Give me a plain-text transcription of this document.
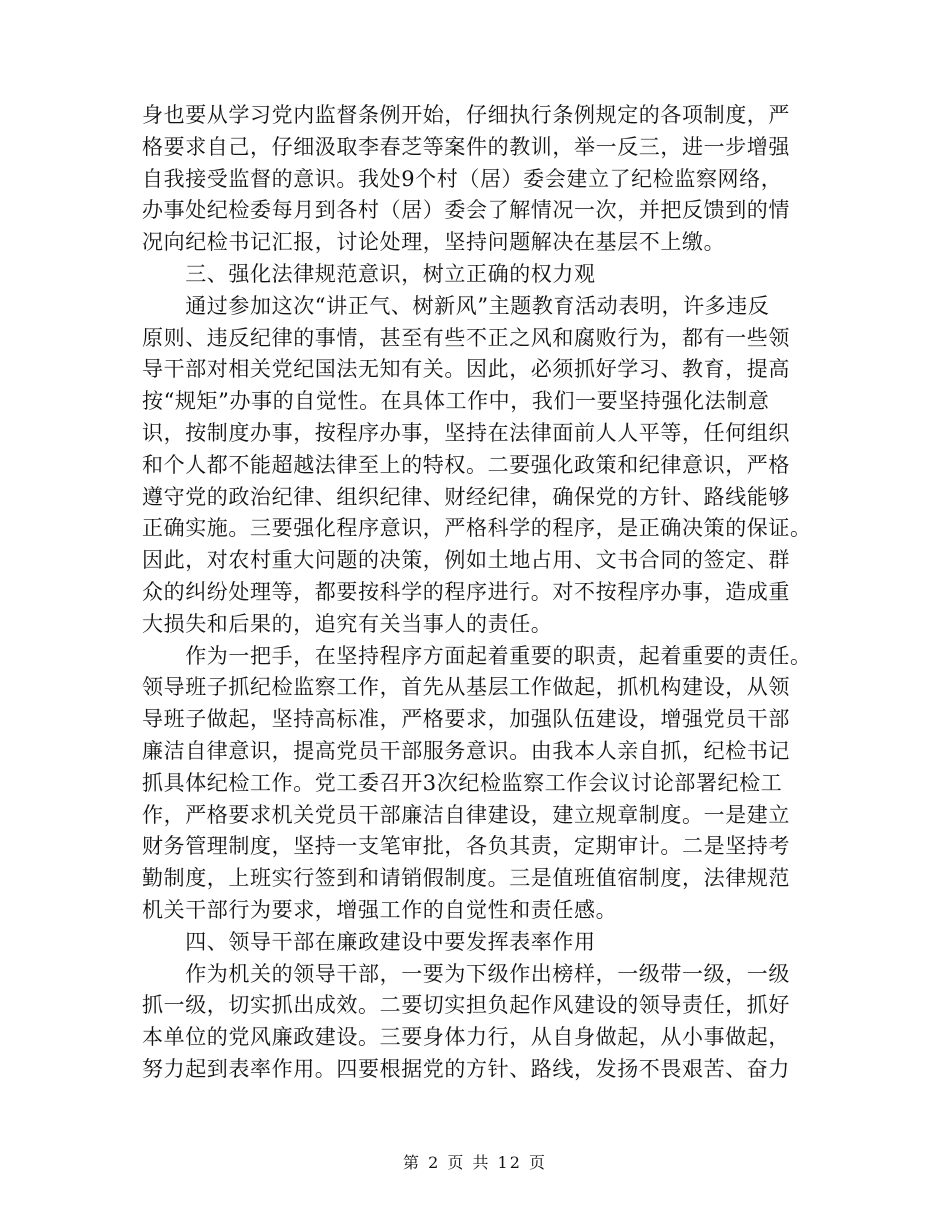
身也要从学习党内监督条例开始，仔细执行条例规定的各项制度，严
格要求自己，仔细汲取李春芝等案件的教训，举一反三，进一步增强
自我接受监督的意识。我处9个村（居）委会建立了纪检监察网络，
办事处纪检委每月到各村（居）委会了解情况一次，并把反馈到的情
况向纪检书记汇报，讨论处理，坚持问题解决在基层不上缴。
　　三、强化法律规范意识，树立正确的权力观
　　通过参加这次“讲正气、树新风”主题教育活动表明，许多违反
原则、违反纪律的事情，甚至有些不正之风和腐败行为，都有一些领
导干部对相关党纪国法无知有关。因此，必须抓好学习、教育，提高
按“规矩”办事的自觉性。在具体工作中，我们一要坚持强化法制意
识，按制度办事，按程序办事，坚持在法律面前人人平等，任何组织
和个人都不能超越法律至上的特权。二要强化政策和纪律意识，严格
遵守党的政治纪律、组织纪律、财经纪律，确保党的方针、路线能够
正确实施。三要强化程序意识，严格科学的程序，是正确决策的保证。
因此，对农村重大问题的决策，例如土地占用、文书合同的签定、群
众的纠纷处理等，都要按科学的程序进行。对不按程序办事，造成重
大损失和后果的，追究有关当事人的责任。
　　作为一把手，在坚持程序方面起着重要的职责，起着重要的责任。
领导班子抓纪检监察工作，首先从基层工作做起，抓机构建设，从领
导班子做起，坚持高标准，严格要求，加强队伍建设，增强党员干部
廉洁自律意识，提高党员干部服务意识。由我本人亲自抓，纪检书记
抓具体纪检工作。党工委召开3次纪检监察工作会议讨论部署纪检工
作，严格要求机关党员干部廉洁自律建设，建立规章制度。一是建立
财务管理制度，坚持一支笔审批，各负其责，定期审计。二是坚持考
勤制度，上班实行签到和请销假制度。三是值班值宿制度，法律规范
机关干部行为要求，增强工作的自觉性和责任感。
　　四、领导干部在廉政建设中要发挥表率作用
　　作为机关的领导干部，一要为下级作出榜样，一级带一级，一级
抓一级，切实抓出成效。二要切实担负起作风建设的领导责任，抓好
本单位的党风廉政建设。三要身体力行，从自身做起，从小事做起，
努力起到表率作用。四要根据党的方针、路线，发扬不畏艰苦、奋力
第 2 页 共 12 页
